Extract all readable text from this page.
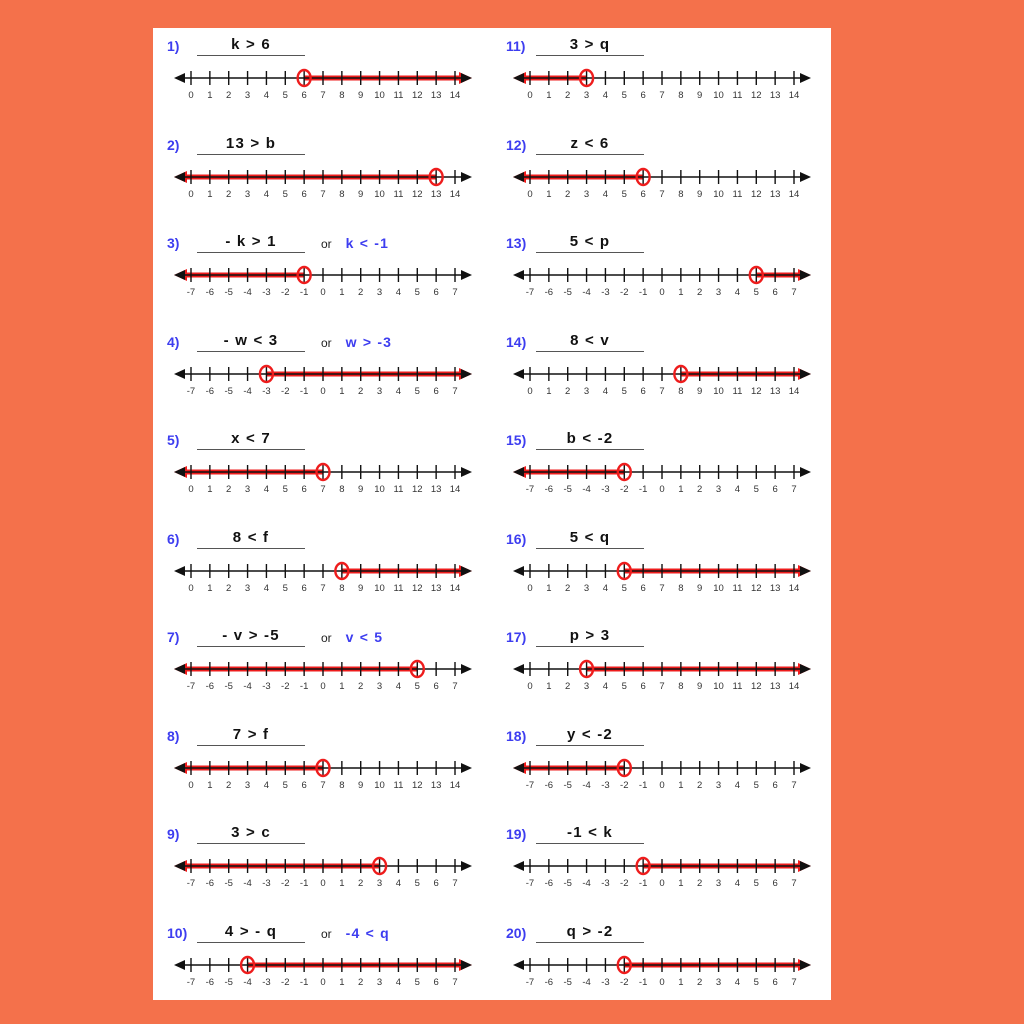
1)	k > 6
0 1 2 3 4 5 6 7 8 9 10 11 12 13 14
2)	13 > b
0 1 2 3 4 5 6 7 8 9 10 11 12 13 14
3)	- k > 1	or	k < -1
-7 -6 -5 -4 -3 -2 -1 0 1 2 3 4 5 6 7
4)	- w < 3	or	w > -3
-7 -6 -5 -4 -3 -2 -1 0 1 2 3 4 5 6 7
5)	x < 7
0 1 2 3 4 5 6 7 8 9 10 11 12 13 14
6)	8 < f
0 1 2 3 4 5 6 7 8 9 10 11 12 13 14
7)	- v > -5	or	v < 5
-7 -6 -5 -4 -3 -2 -1 0 1 2 3 4 5 6 7
8)	7 > f
0 1 2 3 4 5 6 7 8 9 10 11 12 13 14
9)	3 > c
-7 -6 -5 -4 -3 -2 -1 0 1 2 3 4 5 6 7
10)	4 > - q	or	-4 < q
-7 -6 -5 -4 -3 -2 -1 0 1 2 3 4 5 6 7
11)	3 > q
0 1 2 3 4 5 6 7 8 9 10 11 12 13 14
12)	z < 6
0 1 2 3 4 5 6 7 8 9 10 11 12 13 14
13)	5 < p
-7 -6 -5 -4 -3 -2 -1 0 1 2 3 4 5 6 7
14)	8 < v
0 1 2 3 4 5 6 7 8 9 10 11 12 13 14
15)	b < -2
-7 -6 -5 -4 -3 -2 -1 0 1 2 3 4 5 6 7
16)	5 < q
0 1 2 3 4 5 6 7 8 9 10 11 12 13 14
17)	p > 3
0 1 2 3 4 5 6 7 8 9 10 11 12 13 14
18)	y < -2
-7 -6 -5 -4 -3 -2 -1 0 1 2 3 4 5 6 7
19)	-1 < k
-7 -6 -5 -4 -3 -2 -1 0 1 2 3 4 5 6 7
20)	q > -2
-7 -6 -5 -4 -3 -2 -1 0 1 2 3 4 5 6 7
